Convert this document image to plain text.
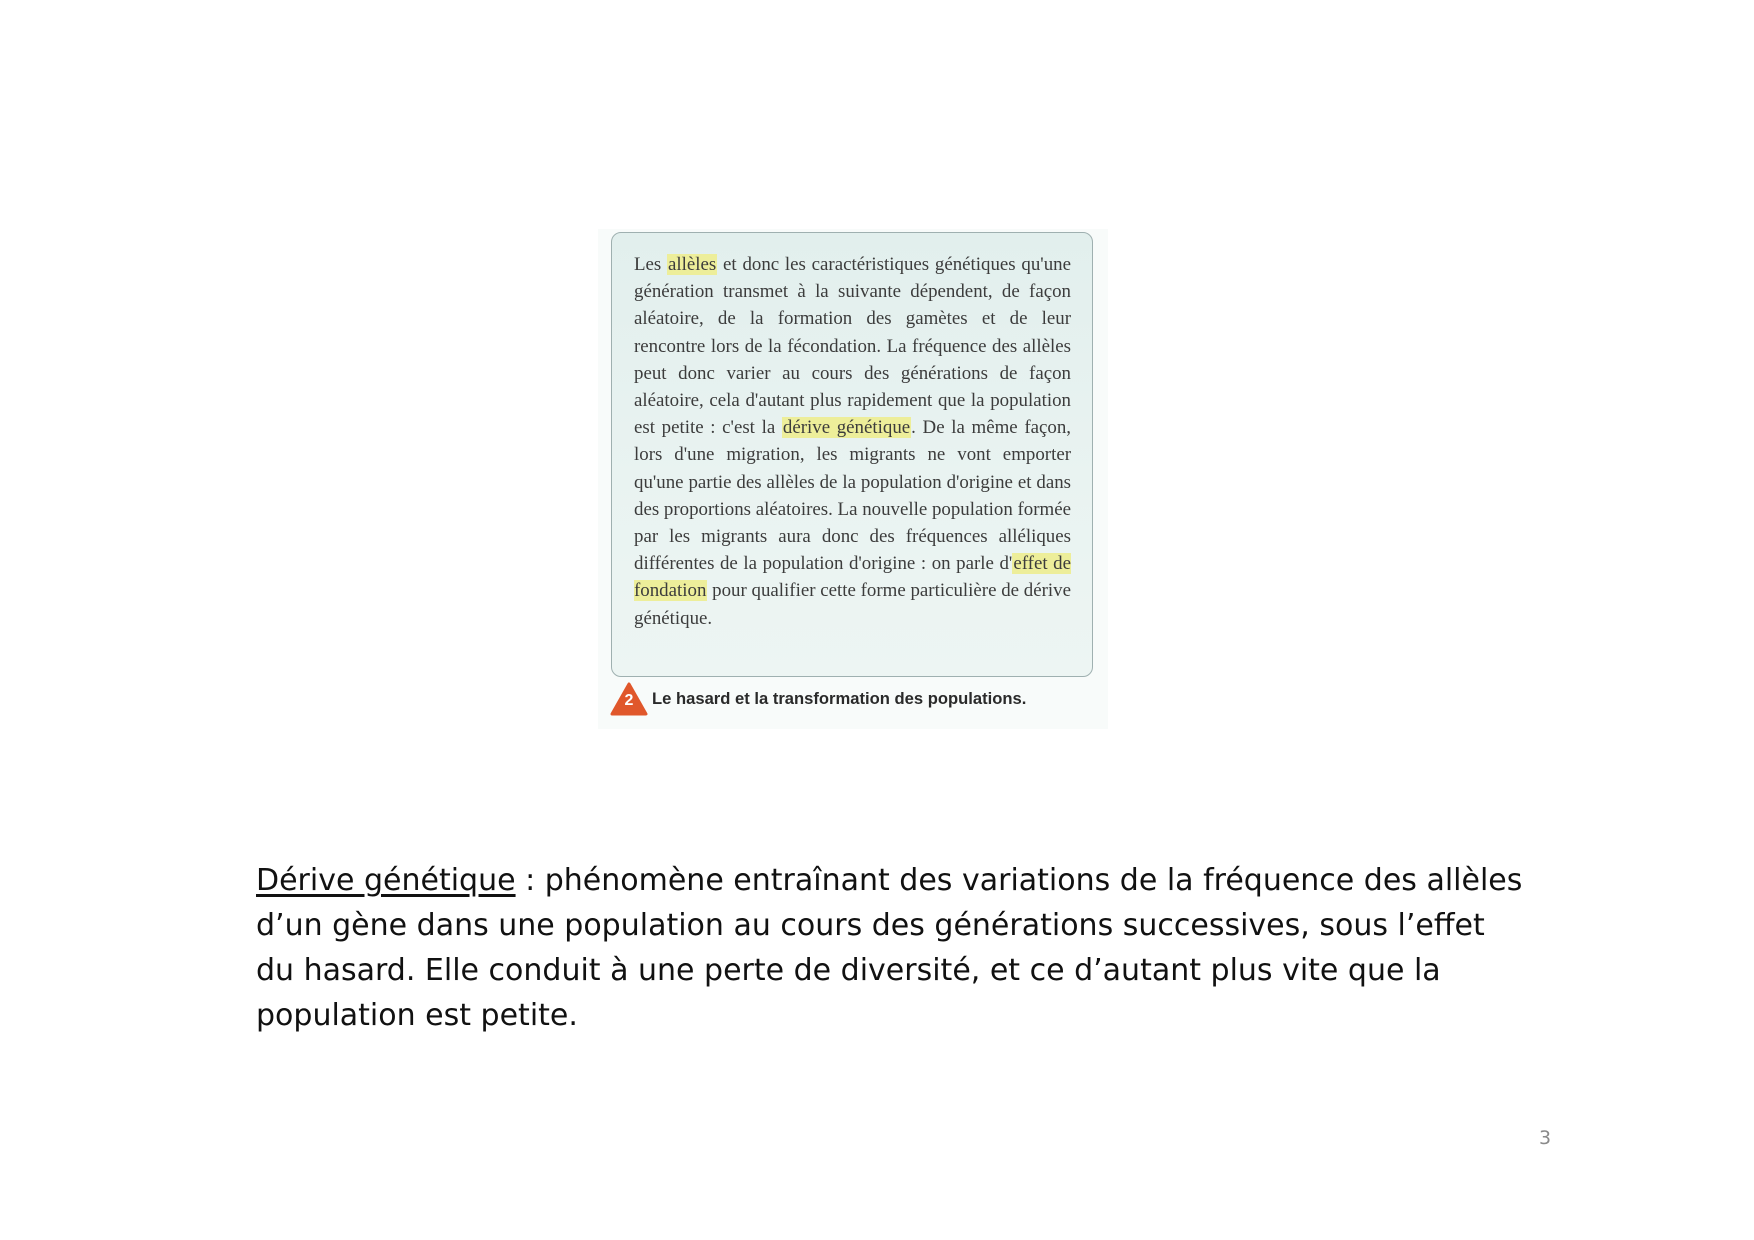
Les allèles et donc les caractéristiques génétiques qu'une génération transmet à la suivante dépendent, de façon aléatoire, de la formation des gamètes et de leur rencontre lors de la fécondation. La fréquence des allèles peut donc varier au cours des générations de façon aléatoire, cela d'autant plus rapidement que la population est petite : c'est la dérive génétique. De la même façon, lors d'une migration, les migrants ne vont emporter qu'une partie des allèles de la population d'origine et dans des proportions aléatoires. La nouvelle population formée par les migrants aura donc des fréquences alléliques différentes de la population d'origine : on parle d'effet de fondation pour qualifier cette forme particulière de dérive génétique.

2	Le hasard et la transformation des populations.

Dérive génétique : phénomène entraînant des variations de la fréquence des allèles d’un gène dans une population au cours des générations successives, sous l’effet du hasard. Elle conduit à une perte de diversité, et ce d’autant plus vite que la population est petite.

3
